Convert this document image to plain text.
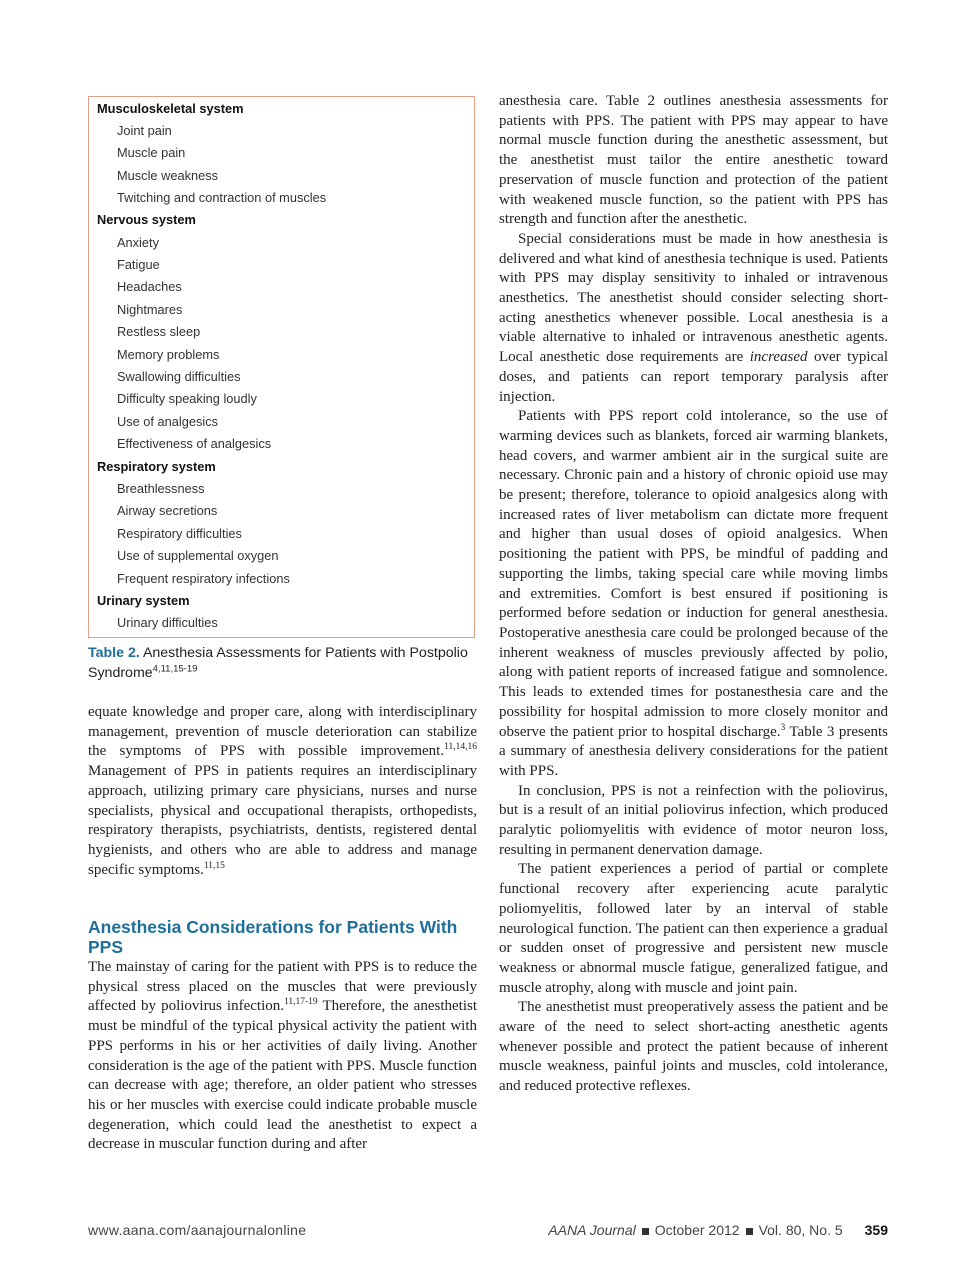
Musculoskeletal system
Joint pain
Muscle pain
Muscle weakness
Twitching and contraction of muscles
Nervous system
Anxiety
Fatigue
Headaches
Nightmares
Restless sleep
Memory problems
Swallowing difficulties
Difficulty speaking loudly
Use of analgesics
Effectiveness of analgesics
Respiratory system
Breathlessness
Airway secretions
Respiratory difficulties
Use of supplemental oxygen
Frequent respiratory infections
Urinary system
Urinary difficulties
Table 2. Anesthesia Assessments for Patients with Postpolio Syndrome$^{4,11,15-19}$

equate knowledge and proper care, along with interdisciplinary management, prevention of muscle deterioration can stabilize the symptoms of PPS with possible improvement.$^{11,14,16}$ Management of PPS in patients requires an interdisciplinary approach, utilizing primary care physicians, nurses and nurse specialists, physical and occupational therapists, orthopedists, respiratory therapists, psychiatrists, dentists, registered dental hygienists, and others who are able to address and manage specific symptoms.$^{11,15}$

Anesthesia Considerations for Patients With PPS

The mainstay of caring for the patient with PPS is to reduce the physical stress placed on the muscles that were previously affected by poliovirus infection.$^{11,17-19}$ Therefore, the anesthetist must be mindful of the typical physical activity the patient with PPS performs in his or her activities of daily living. Another consideration is the age of the patient with PPS. Muscle function can decrease with age; therefore, an older patient who stresses his or her muscles with exercise could indicate probable muscle degeneration, which could lead the anesthetist to expect a decrease in muscular function during and after

anesthesia care. Table 2 outlines anesthesia assessments for patients with PPS. The patient with PPS may appear to have normal muscle function during the anesthetic assessment, but the anesthetist must tailor the entire anesthetic toward preservation of muscle function and protection of the patient with weakened muscle function, so the patient with PPS has strength and function after the anesthetic.

Special considerations must be made in how anesthesia is delivered and what kind of anesthesia technique is used. Patients with PPS may display sensitivity to inhaled or intravenous anesthetics. The anesthetist should consider selecting short-acting anesthetics whenever possible. Local anesthesia is a viable alternative to inhaled or intravenous anesthetic agents. Local anesthetic dose requirements are increased over typical doses, and patients can report temporary paralysis after injection.

Patients with PPS report cold intolerance, so the use of warming devices such as blankets, forced air warming blankets, head covers, and warmer ambient air in the surgical suite are necessary. Chronic pain and a history of chronic opioid use may be present; therefore, tolerance to opioid analgesics along with increased rates of liver metabolism can dictate more frequent and higher than usual doses of opioid analgesics. When positioning the patient with PPS, be mindful of padding and supporting the limbs, taking special care while moving limbs and extremities. Comfort is best ensured if positioning is performed before sedation or induction for general anesthesia. Postoperative anesthesia care could be prolonged because of the inherent weakness of muscles previously affected by polio, along with patient reports of increased fatigue and somnolence. This leads to extended times for postanesthesia care and the possibility for hospital admission to more closely monitor and observe the patient prior to hospital discharge.$^3$ Table 3 presents a summary of anesthesia delivery considerations for the patient with PPS.

In conclusion, PPS is not a reinfection with the poliovirus, but is a result of an initial poliovirus infection, which produced paralytic poliomyelitis with evidence of motor neuron loss, resulting in permanent denervation damage.

The patient experiences a period of partial or complete functional recovery after experiencing acute paralytic poliomyelitis, followed later by an interval of stable neurological function. The patient can then experience a gradual or sudden onset of progressive and persistent new muscle weakness or abnormal muscle fatigue, generalized fatigue, and muscle atrophy, along with muscle and joint pain.

The anesthetist must preoperatively assess the patient and be aware of the need to select short-acting anesthetic agents whenever possible and protect the patient because of inherent muscle weakness, painful joints and muscles, cold intolerance, and reduced protective reflexes.

www.aana.com/aanajournalonline	AANA Journal October 2012 Vol. 80, No. 5 359
